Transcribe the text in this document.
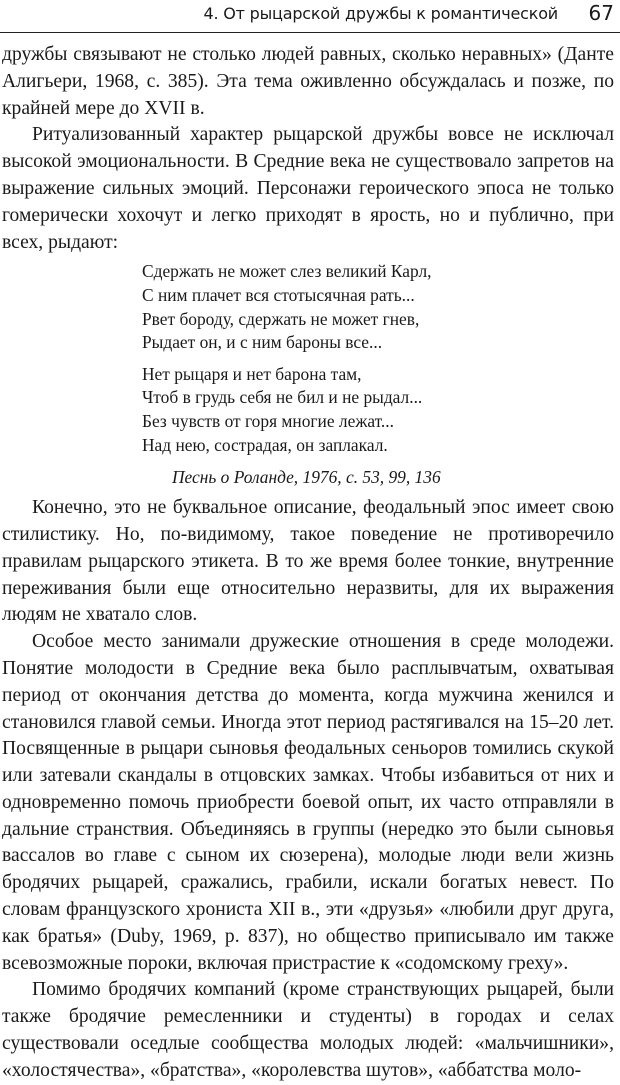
4. От рыцарской дружбы к романтической 67

дружбы связывают не столько людей равных, сколько неравных» (Данте Алигьери, 1968, с. 385). Эта тема оживленно обсуждалась и позже, по крайней мере до XVII в.

Ритуализованный характер рыцарской дружбы вовсе не исключал высокой эмоциональности. В Средние века не существовало запретов на выражение сильных эмоций. Персонажи героического эпоса не только гомерически хохочут и легко приходят в ярость, но и публично, при всех, рыдают:

Сдержать не может слез великий Карл,
С ним плачет вся стотысячная рать...
Рвет бороду, сдержать не может гнев,
Рыдает он, и с ним бароны все...
Нет рыцаря и нет барона там,
Чтоб в грудь себя не бил и не рыдал...
Без чувств от горя многие лежат...
Над нею, сострадая, он заплакал.
Песнь о Роланде, 1976, с. 53, 99, 136

Конечно, это не буквальное описание, феодальный эпос имеет свою стилистику. Но, по-видимому, такое поведение не противоречило правилам рыцарского этикета. В то же время более тонкие, внутренние переживания были еще относительно неразвиты, для их выражения людям не хватало слов.

Особое место занимали дружеские отношения в среде молодежи. Понятие молодости в Средние века было расплывчатым, охватывая период от окончания детства до момента, когда мужчина женился и становился главой семьи. Иногда этот период растягивался на 15–20 лет. Посвященные в рыцари сыновья феодальных сеньоров томились скукой или затевали скандалы в отцовских замках. Чтобы избавиться от них и одновременно помочь приобрести боевой опыт, их часто отправляли в дальние странствия. Объединяясь в группы (нередко это были сыновья вассалов во главе с сыном их сюзерена), молодые люди вели жизнь бродячих рыцарей, сражались, грабили, искали богатых невест. По словам французского хрониста XII в., эти «друзья» «любили друг друга, как братья» (Duby, 1969, p. 837), но общество приписывало им также всевозможные пороки, включая пристрастие к «содомскому греху».

Помимо бродячих компаний (кроме странствующих рыцарей, были также бродячие ремесленники и студенты) в городах и селах существовали оседлые сообщества молодых людей: «мальчишники», «холостячества», «братства», «королевства шутов», «аббатства моло-
